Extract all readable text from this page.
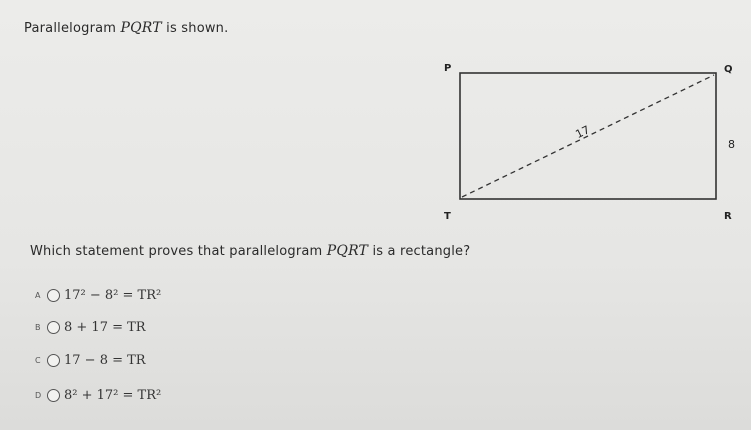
Parallelogram PQRT is shown.
P	Q
R
T
17
8
Which statement proves that parallelogram PQRT is a rectangle?
A	17² − 8² = TR²
B	8 + 17 = TR
C	17 − 8 = TR
D 8² + 17² = TR²
